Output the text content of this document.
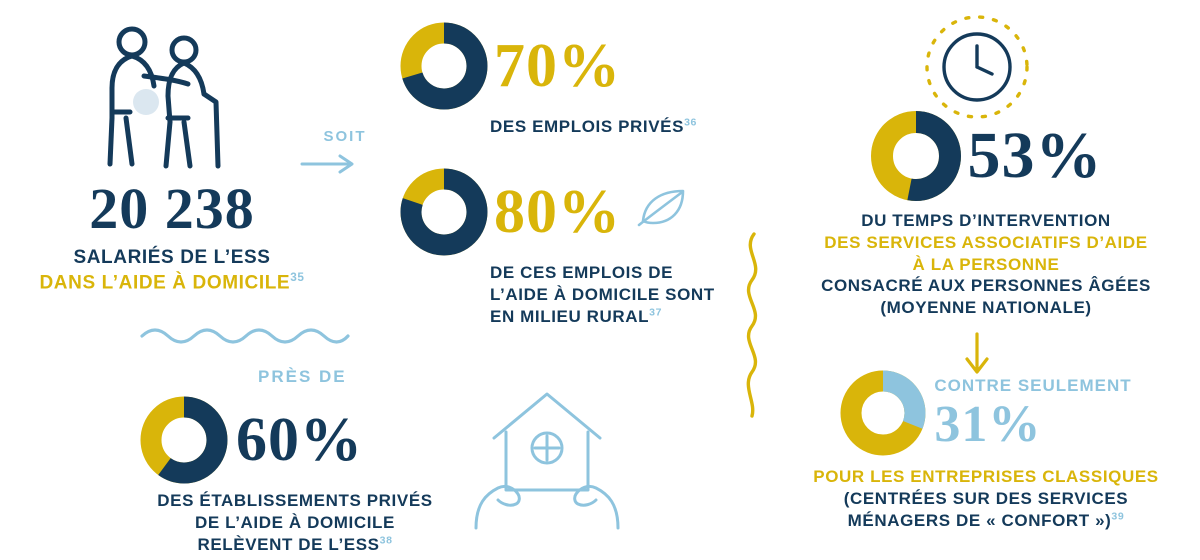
20 238
SALARIÉS DE L’ESS
DANS L’AIDE À DOMICILE$^{35}$
SOIT
70%
DES EMPLOIS PRIVÉS$^{36}$
80%
DE CES EMPLOIS DE
L’AIDE À DOMICILE SONT
EN MILIEU RURAL$^{37}$
PRÈS DE
60%
DES ÉTABLISSEMENTS PRIVÉS
DE L’AIDE À DOMICILE
RELÈVENT DE L’ESS$^{38}$
53%
DU TEMPS D’INTERVENTION
DES SERVICES ASSOCIATIFS D’AIDE
À LA PERSONNE
CONSACRÉ AUX PERSONNES ÂGÉES
(MOYENNE NATIONALE)
CONTRE SEULEMENT
31%
POUR LES ENTREPRISES CLASSIQUES
(CENTRÉES SUR DES SERVICES
MÉNAGERS DE « CONFORT »)$^{39}$
